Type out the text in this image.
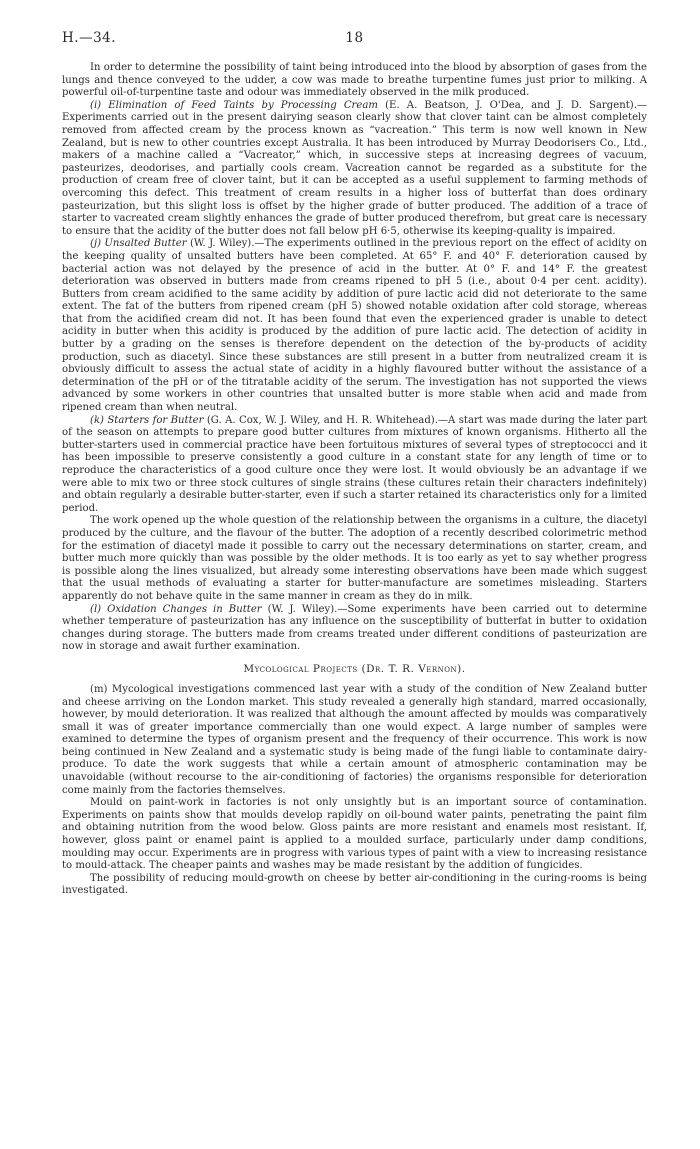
H.—34.	18

In order to determine the possibility of taint being introduced into the blood by absorption of gases from the lungs and thence conveyed to the udder, a cow was made to breathe turpentine fumes just prior to milking. A powerful oil-of-turpentine taste and odour was immediately observed in the milk produced.

(i) Elimination of Feed Taints by Processing Cream (E. A. Beatson, J. O'Dea, and J. D. Sargent).—Experiments carried out in the present dairying season clearly show that clover taint can be almost completely removed from affected cream by the process known as “vacreation.” This term is now well known in New Zealand, but is new to other countries except Australia. It has been introduced by Murray Deodorisers Co., Ltd., makers of a machine called a “Vacreator,” which, in successive steps at increasing degrees of vacuum, pasteurizes, deodorises, and partially cools cream. Vacreation cannot be regarded as a substitute for the production of cream free of clover taint, but it can be accepted as a useful supplement to farming methods of overcoming this defect. This treatment of cream results in a higher loss of butterfat than does ordinary pasteurization, but this slight loss is offset by the higher grade of butter produced. The addition of a trace of starter to vacreated cream slightly enhances the grade of butter produced therefrom, but great care is necessary to ensure that the acidity of the butter does not fall below pH 6·5, otherwise its keeping-quality is impaired.

(j) Unsalted Butter (W. J. Wiley).—The experiments outlined in the previous report on the effect of acidity on the keeping quality of unsalted butters have been completed. At 65° F. and 40° F. deterioration caused by bacterial action was not delayed by the presence of acid in the butter. At 0° F. and 14° F. the greatest deterioration was observed in butters made from creams ripened to pH 5 (i.e., about 0·4 per cent. acidity). Butters from cream acidified to the same acidity by addition of pure lactic acid did not deteriorate to the same extent. The fat of the butters from ripened cream (pH 5) showed notable oxidation after cold storage, whereas that from the acidified cream did not. It has been found that even the experienced grader is unable to detect acidity in butter when this acidity is produced by the addition of pure lactic acid. The detection of acidity in butter by a grading on the senses is therefore dependent on the detection of the by-products of acidity production, such as diacetyl. Since these substances are still present in a butter from neutralized cream it is obviously difficult to assess the actual state of acidity in a highly flavoured butter without the assistance of a determination of the pH or of the titratable acidity of the serum. The investigation has not supported the views advanced by some workers in other countries that unsalted butter is more stable when acid and made from ripened cream than when neutral.

(k) Starters for Butter (G. A. Cox, W. J. Wiley, and H. R. Whitehead).—A start was made during the later part of the season on attempts to prepare good butter cultures from mixtures of known organisms. Hitherto all the butter-starters used in commercial practice have been fortuitous mixtures of several types of streptococci and it has been impossible to preserve consistently a good culture in a constant state for any length of time or to reproduce the characteristics of a good culture once they were lost. It would obviously be an advantage if we were able to mix two or three stock cultures of single strains (these cultures retain their characters indefinitely) and obtain regularly a desirable butter-starter, even if such a starter retained its characteristics only for a limited period.

The work opened up the whole question of the relationship between the organisms in a culture, the diacetyl produced by the culture, and the flavour of the butter. The adoption of a recently described colorimetric method for the estimation of diacetyl made it possible to carry out the necessary determinations on starter, cream, and butter much more quickly than was possible by the older methods. It is too early as yet to say whether progress is possible along the lines visualized, but already some interesting observations have been made which suggest that the usual methods of evaluating a starter for butter-manufacture are sometimes misleading. Starters apparently do not behave quite in the same manner in cream as they do in milk.

(l) Oxidation Changes in Butter (W. J. Wiley).—Some experiments have been carried out to determine whether temperature of pasteurization has any influence on the susceptibility of butterfat in butter to oxidation changes during storage. The butters made from creams treated under different conditions of pasteurization are now in storage and await further examination.

Mycological Projects (Dr. T. R. Vernon).

(m) Mycological investigations commenced last year with a study of the condition of New Zealand butter and cheese arriving on the London market. This study revealed a generally high standard, marred occasionally, however, by mould deterioration. It was realized that although the amount affected by moulds was comparatively small it was of greater importance commercially than one would expect. A large number of samples were examined to determine the types of organism present and the frequency of their occurrence. This work is now being continued in New Zealand and a systematic study is being made of the fungi liable to contaminate dairy-produce. To date the work suggests that while a certain amount of atmospheric contamination may be unavoidable (without recourse to the air-conditioning of factories) the organisms responsible for deterioration come mainly from the factories themselves.

Mould on paint-work in factories is not only unsightly but is an important source of contamination. Experiments on paints show that moulds develop rapidly on oil-bound water paints, penetrating the paint film and obtaining nutrition from the wood below. Gloss paints are more resistant and enamels most resistant. If, however, gloss paint or enamel paint is applied to a moulded surface, particularly under damp conditions, moulding may occur. Experiments are in progress with various types of paint with a view to increasing resistance to mould-attack. The cheaper paints and washes may be made resistant by the addition of fungicides.

The possibility of reducing mould-growth on cheese by better air-conditioning in the curing-rooms is being investigated.
